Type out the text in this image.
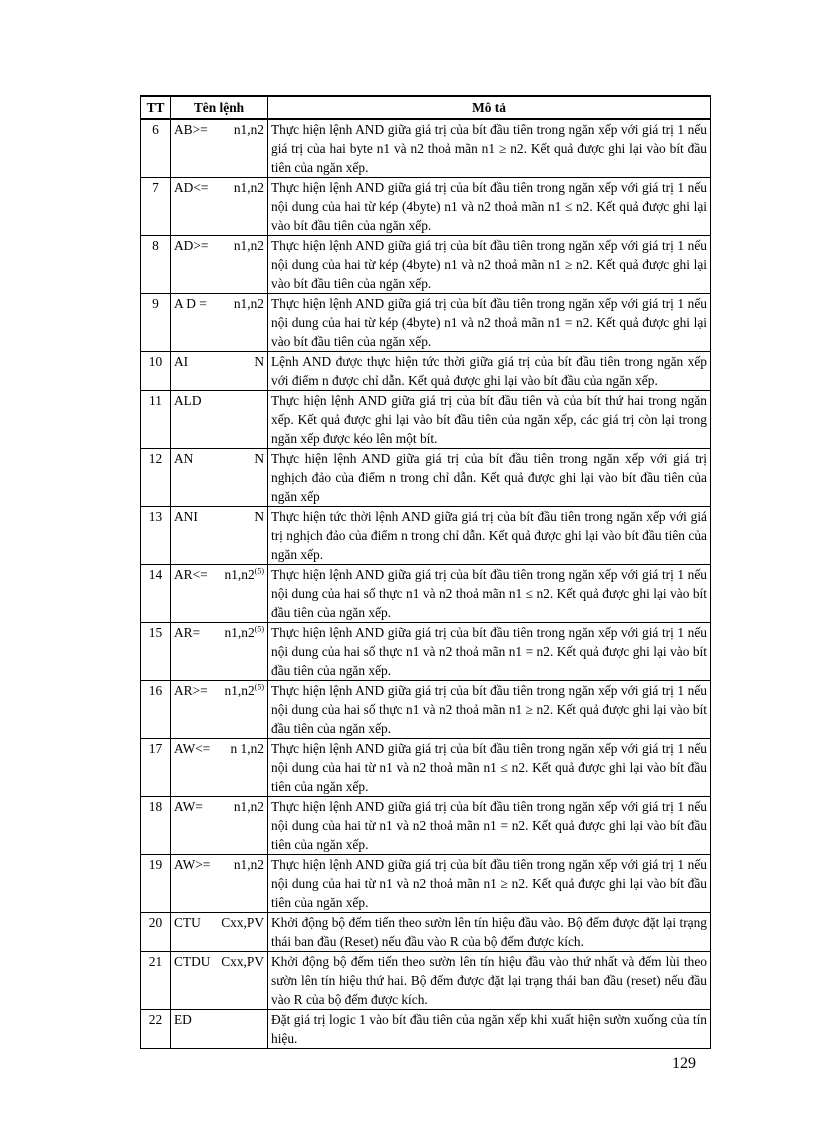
TT	Tên lệnh	Mô tả
6	AB>= n1,n2	Thực hiện lệnh AND giữa giá trị của bít đầu tiên trong ngăn xếp với giá trị 1 nếu giá trị của hai byte n1 và n2 thoả mãn n1 ≥ n2. Kết quả được ghi lại vào bít đầu tiên của ngăn xếp.
7	AD<= n1,n2	Thực hiện lệnh AND giữa giá trị của bít đầu tiên trong ngăn xếp với giá trị 1 nếu nội dung của hai từ kép (4byte) n1 và n2 thoả mãn n1 ≤ n2. Kết quả được ghi lại vào bít đầu tiên của ngăn xếp.
8	AD>= n1,n2	Thực hiện lệnh AND giữa giá trị của bít đầu tiên trong ngăn xếp với giá trị 1 nếu nội dung của hai từ kép (4byte) n1 và n2 thoả mãn n1 ≥ n2. Kết quả được ghi lại vào bít đầu tiên của ngăn xếp.
9	A D = n1,n2	Thực hiện lệnh AND giữa giá trị của bít đầu tiên trong ngăn xếp với giá trị 1 nếu nội dung của hai từ kép (4byte) n1 và n2 thoả mãn n1 = n2. Kết quả được ghi lại vào bít đầu tiên của ngăn xếp.
10	AI N	Lệnh AND được thực hiện tức thời giữa giá trị của bít đầu tiên trong ngăn xếp với điểm n được chỉ dẫn. Kết quả được ghi lại vào bít đầu của ngăn xếp.
11	ALD	Thực hiện lệnh AND giữa giá trị của bít đầu tiên và của bít thứ hai trong ngăn xếp. Kết quả được ghi lại vào bít đầu tiên của ngăn xếp, các giá trị còn lại trong ngăn xếp được kéo lên một bít.
12	AN N	Thực hiện lệnh AND giữa giá trị của bít đầu tiên trong ngăn xếp với giá trị nghịch đảo của điểm n trong chỉ dẫn. Kết quả được ghi lại vào bít đầu tiên của ngăn xếp
13	ANI N	Thực hiện tức thời lệnh AND giữa giá trị của bít đầu tiên trong ngăn xếp với giá trị nghịch đảo của điểm n trong chỉ dẫn. Kết quả được ghi lại vào bít đầu tiên của ngăn xếp.
14	$AR<= n1,n2^{(5)}$	Thực hiện lệnh AND giữa giá trị của bít đầu tiên trong ngăn xếp với giá trị 1 nếu nội dung của hai số thực n1 và n2 thoả mãn n1 ≤ n2. Kết quả được ghi lại vào bít đầu tiên của ngăn xếp.
15	$AR= n1,n2^{(5)}$	Thực hiện lệnh AND giữa giá trị của bít đầu tiên trong ngăn xếp với giá trị 1 nếu nội dung của hai số thực n1 và n2 thoả mãn n1 = n2. Kết quả được ghi lại vào bít đầu tiên của ngăn xếp.
16	$AR>= n1,n2^{(5)}$	Thực hiện lệnh AND giữa giá trị của bít đầu tiên trong ngăn xếp với giá trị 1 nếu nội dung của hai số thực n1 và n2 thoả mãn n1 ≥ n2. Kết quả được ghi lại vào bít đầu tiên của ngăn xếp.
17	AW<= n 1,n2	Thực hiện lệnh AND giữa giá trị của bít đầu tiên trong ngăn xếp với giá trị 1 nếu nội dung của hai từ n1 và n2 thoả mãn n1 ≤ n2. Kết quả được ghi lại vào bít đầu tiên của ngăn xếp.
18	AW= n1,n2	Thực hiện lệnh AND giữa giá trị của bít đầu tiên trong ngăn xếp với giá trị 1 nếu nội dung của hai từ n1 và n2 thoả mãn n1 = n2. Kết quả được ghi lại vào bít đầu tiên của ngăn xếp.
19	AW>= n1,n2	Thực hiện lệnh AND giữa giá trị của bít đầu tiên trong ngăn xếp với giá trị 1 nếu nội dung của hai từ n1 và n2 thoả mãn n1 ≥ n2. Kết quả được ghi lại vào bít đầu tiên của ngăn xếp.
20	CTU Cxx,PV	Khởi động bộ đếm tiến theo sườn lên tín hiệu đầu vào. Bộ đếm được đặt lại trạng thái ban đầu (Reset) nếu đầu vào R của bộ đếm được kích.
21	CTDU Cxx,PV	Khởi động bộ đếm tiến theo sườn lên tín hiệu đầu vào thứ nhất và đếm lùi theo sườn lên tín hiệu thứ hai. Bộ đếm được đặt lại trạng thái ban đầu (reset) nếu đầu vào R của bộ đếm được kích.
22	ED	Đặt giá trị logic 1 vào bít đầu tiên của ngăn xếp khi xuất hiện sườn xuống của tín hiệu.
129
